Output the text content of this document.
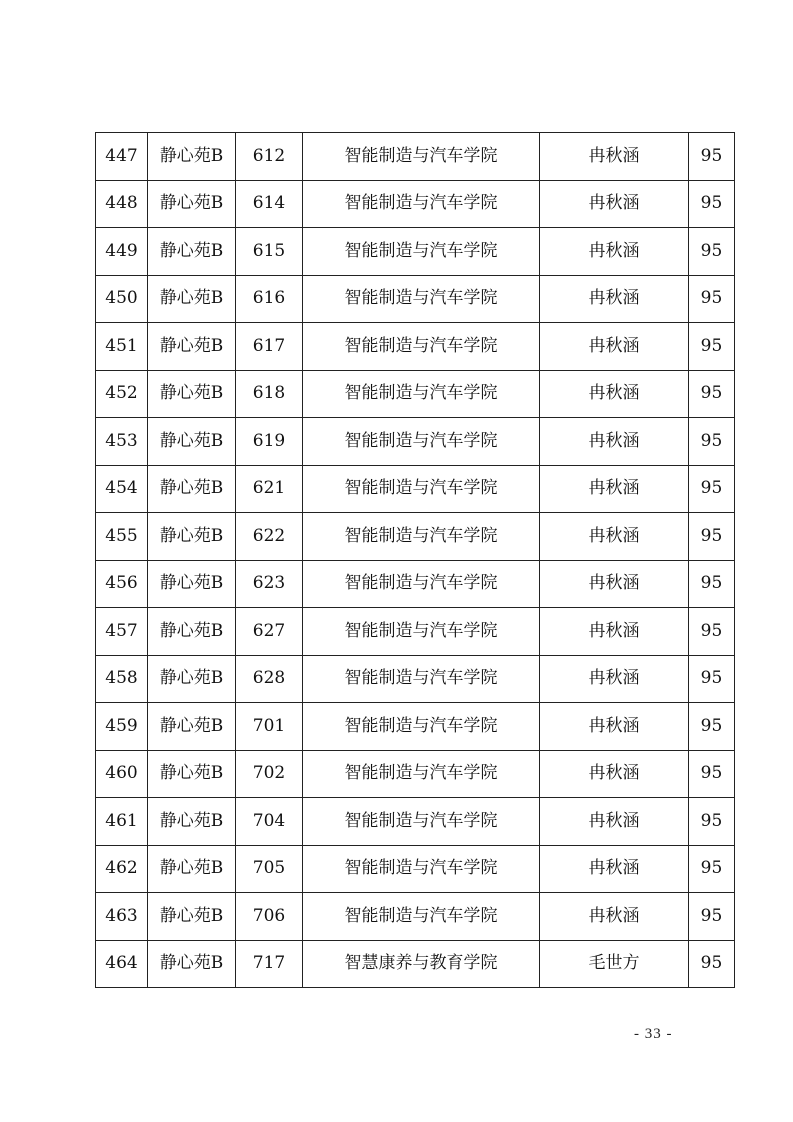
447	静心苑B	612	智能制造与汽车学院	冉秋涵	95
448	静心苑B	614	智能制造与汽车学院	冉秋涵	95
449	静心苑B	615	智能制造与汽车学院	冉秋涵	95
450	静心苑B	616	智能制造与汽车学院	冉秋涵	95
451	静心苑B	617	智能制造与汽车学院	冉秋涵	95
452	静心苑B	618	智能制造与汽车学院	冉秋涵	95
453	静心苑B	619	智能制造与汽车学院	冉秋涵	95
454	静心苑B	621	智能制造与汽车学院	冉秋涵	95
455	静心苑B	622	智能制造与汽车学院	冉秋涵	95
456	静心苑B	623	智能制造与汽车学院	冉秋涵	95
457	静心苑B	627	智能制造与汽车学院	冉秋涵	95
458	静心苑B	628	智能制造与汽车学院	冉秋涵	95
459	静心苑B	701	智能制造与汽车学院	冉秋涵	95
460	静心苑B	702	智能制造与汽车学院	冉秋涵	95
461	静心苑B	704	智能制造与汽车学院	冉秋涵	95
462	静心苑B	705	智能制造与汽车学院	冉秋涵	95
463	静心苑B	706	智能制造与汽车学院	冉秋涵	95
464	静心苑B	717	智慧康养与教育学院	毛世方	95
- 33 -
